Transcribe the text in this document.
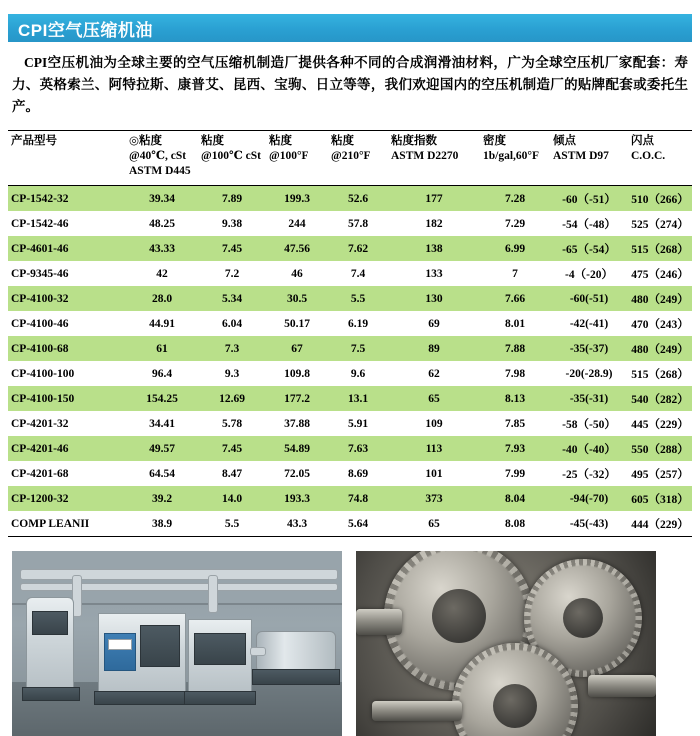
CPI空气压缩机油

CPI空压机油为全球主要的空气压缩机制造厂提供各种不同的合成润滑油材料，广为全球空压机厂家配套：寿力、英格索兰、阿特拉斯、康普艾、昆西、宝驹、日立等等，我们欢迎国内的空压机制造厂的贴牌配套或委托生产。

产品型号	◎粘度
@40℃, cSt
ASTM D445	粘度
@100℃ cSt	粘度
@100°F	粘度
@210°F	粘度指数
ASTM D2270	密度
1b/gal,60°F	倾点
ASTM D97	闪点
C.O.C.

CP-1542-32	39.34	7.89	199.3	52.6	177	7.28	-60（-51）	510（266）
CP-1542-46	48.25	9.38	244	57.8	182	7.29	-54（-48）	525（274）
CP-4601-46	43.33	7.45	47.56	7.62	138	6.99	-65（-54）	515（268）
CP-9345-46	42	7.2	46	7.4	133	7	-4（-20）	475（246）
CP-4100-32	28.0	5.34	30.5	5.5	130	7.66	-60(-51)	480（249）
CP-4100-46	44.91	6.04	50.17	6.19	69	8.01	-42(-41)	470（243）
CP-4100-68	61	7.3	67	7.5	89	7.88	-35(-37)	480（249）
CP-4100-100	96.4	9.3	109.8	9.6	62	7.98	-20(-28.9)	515（268）
CP-4100-150	154.25	12.69	177.2	13.1	65	8.13	-35(-31)	540（282）
CP-4201-32	34.41	5.78	37.88	5.91	109	7.85	-58（-50）	445（229）
CP-4201-46	49.57	7.45	54.89	7.63	113	7.93	-40（-40）	550（288）
CP-4201-68	64.54	8.47	72.05	8.69	101	7.99	-25（-32）	495（257）
CP-1200-32	39.2	14.0	193.3	74.8	373	8.04	-94(-70)	605（318）
COMP LEANII	38.9	5.5	43.3	5.64	65	8.08	-45(-43)	444（229）
